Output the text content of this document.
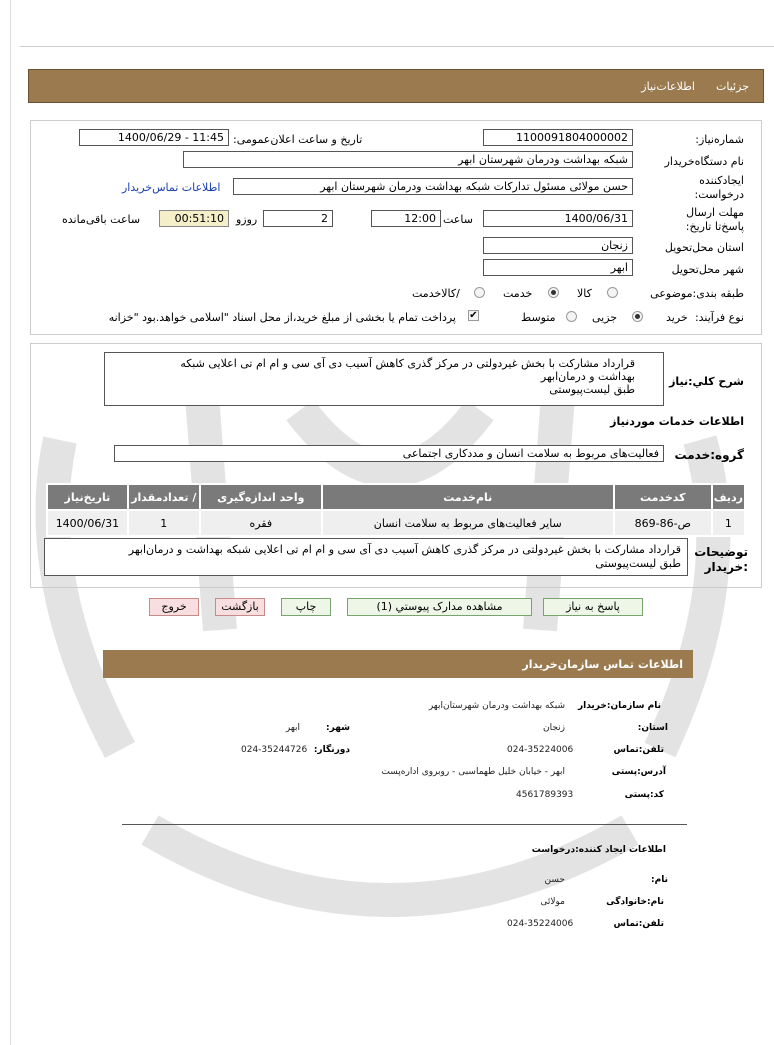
جزئیات
اطلاعات‌نیاز
شماره‌نیاز:
1100091804000002
تاریخ و ساعت اعلان‌عمومی:
1400/06/29 - 11:45
نام دستگاه‌خریدار
شبکه بهداشت ودرمان شهرستان ابهر
ایجادکننده درخواست:
حسن مولائی مسئول تدارکات شبکه بهداشت ودرمان شهرستان ابهر
اطلاعات تماس‌خریدار
مهلت ارسال پاسخ‌تا تاریخ:
1400/06/31
ساعت
12:00
روزو	2
00:51:10
ساعت باقی‌مانده
استان محل‌تحویل
زنجان
شهر محل‌تحویل
ابهر
طبقه بندی‌:موضوعی
کالا
خدمت
/کالاخدمت
نوع فرآیند:
خرید
جزیی
متوسط
✔
پرداخت تمام یا بخشی از مبلغ خرید،از محل اسناد "اسلامی خواهد.بود "خزانه
شرح کلي:نیاز
قرارداد مشارکت با بخش غیردولتی در مرکز گذری کاهش آسیب دی آی سی و ام ام تی اعلایی شبکه
بهداشت و درمان‌ابهر
طبق لیست‌پیوستی
اطلاعات خدمات موردنیاز
گروه:خدمت
فعالیت‌های مربوط به سلامت انسان و مددکاری اجتماعی
ردیف	کدخدمت	نام‌خدمت	واحد اندازه‌گیری	/ تعدادمقدار	تاریخ‌نیاز
1	ص-86-869	سایر فعالیت‌های مربوط به سلامت انسان	فقره	1	1400/06/31
توضیحات
:خریدار
قرارداد مشارکت با بخش غیردولتی در مرکز گذری کاهش آسیب دی آی سی و ام ام تی اعلایی شبکه بهداشت و درمان‌ابهر
طبق لیست‌پیوستی
پاسخ به نیاز
مشاهده مدارک پیوستي (1)
چاپ
بازگشت
خروج
اطلاعات تماس سازمان‌خریدار
نام سازمان:خریدار
شبکه بهداشت ودرمان شهرستان‌ابهر
استان:
زنجان
شهر:
ابهر
تلفن:تماس
024-35224006
دورنگار:
024-35244726
آدرس:پستی
ابهر - خیابان خلیل طهماسبی - روبروی اداره‌پست
کد:پستی
4561789393
اطلاعات ایجاد کننده:درخواست
نام:
حسن
نام:خانوادگی
مولائی
تلفن:تماس
024-35224006
